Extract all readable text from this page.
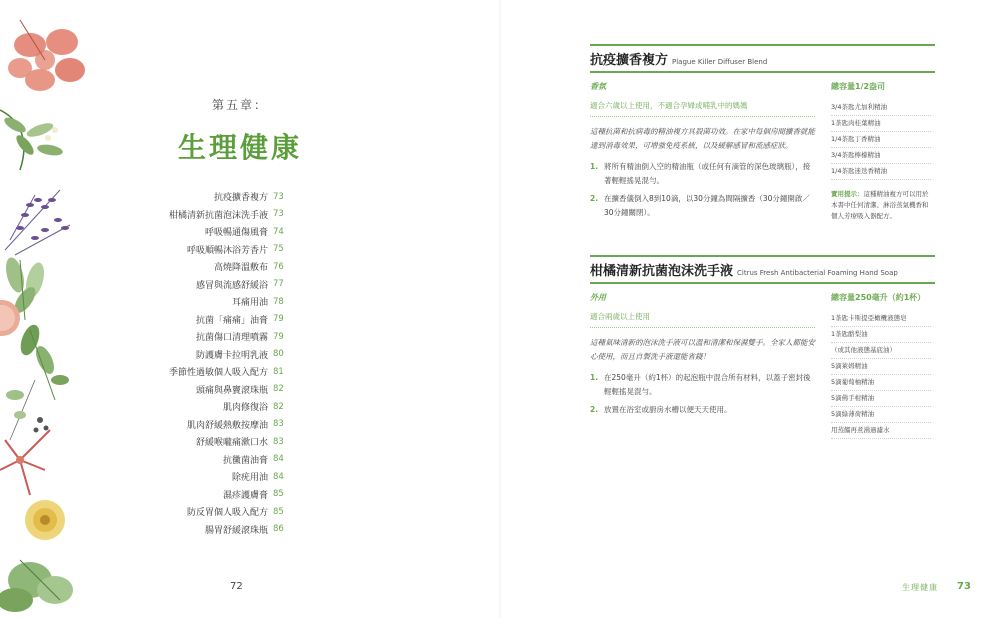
第五章：
生理健康
抗疫擴香複方 73
柑橘清新抗菌泡沫洗手液 73
呼吸暢通傷風膏 74
呼吸順暢沐浴芳香片 75
高燒降溫敷布 76
感冒與流感舒緩浴 77
耳痛用油 78
抗菌「痛痛」油膏 79
抗菌傷口清理噴霧 79
防護膚卡拉明乳液 80
季節性過敏個人吸入配方 81
頭痛與鼻竇滾珠瓶 82
肌肉修復浴 82
肌肉舒緩熱敷按摩油 83
舒緩喉嚨痛漱口水 83
抗黴菌油膏 84
除疣用油 84
濕疹護膚膏 85
防反胃個人吸入配方 85
腸胃舒緩滾珠瓶 86
72
抗疫擴香複方 Plague Killer Diffuser Blend
香氛
適合六歲以上使用，不適合孕婦或哺乳中的媽媽
這種抗菌和抗病毒的精油複方具殺菌功效。在家中每個房間擴香就能達到消毒效果，可增強免疫系統，以及緩解感冒和流感症狀。
1. 將所有精油倒入空的精油瓶（或任何有滴管的深色玻璃瓶），接著輕輕搖晃混勻。
2. 在擴香儀倒入8到10滴，以30分鐘為間隔擴香（30分鐘開啟／30分鐘關閉）。
總容量1/2盎司
3/4茶匙尤加利精油
1茶匙肉桂葉精油
1/4茶匙丁香精油
3/4茶匙檸檬精油
1/4茶匙迷迭香精油
實用提示：這種精油複方可以用於本書中任何清潔、淋浴蒸氣機香和個人芳療吸入器配方。
柑橘清新抗菌泡沫洗手液 Citrus Fresh Antibacterial Foaming Hand Soap
外用
適合兩歲以上使用
這種氣味清新的泡沫洗手液可以溫和清潔和保濕雙手。全家人都能安心使用，而且自製洗手液還能省錢！
1. 在250毫升（約1杯）的起泡瓶中混合所有材料，以蓋子密封後輕輕搖晃混勻。
2. 放置在浴室或廚房水槽以便天天使用。
總容量250毫升（約1杯）
1茶匙卡斯提亞橄欖液態皂
1茶匙酪梨油
（或其他液態基底油）
5滴萊姆精油
5滴葡萄柚精油
5滴佛手柑精油
5滴綠薄荷精油
用蒸餾再煮沸過濾水
生理健康 73
